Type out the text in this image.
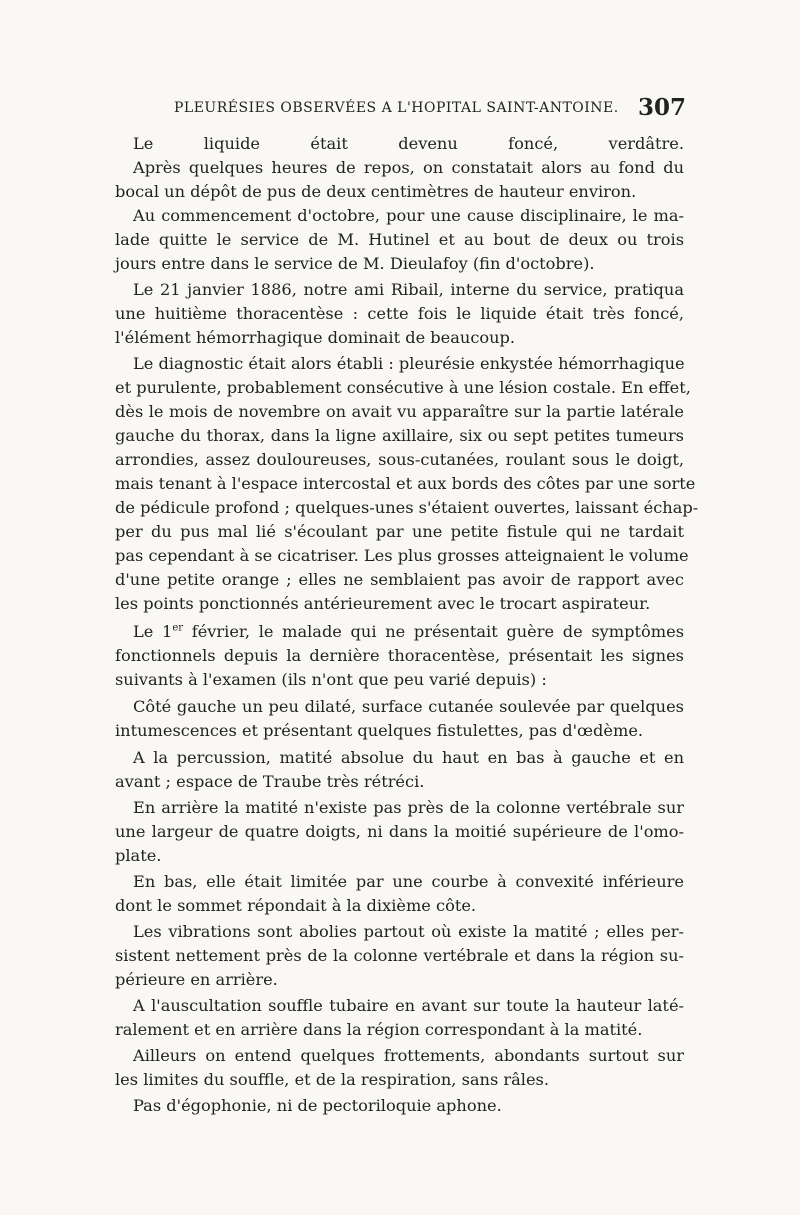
PLEURÉSIES OBSERVÉES A L'HOPITAL SAINT-ANTOINE. 307
Le liquide était devenu foncé, verdâtre.
Après quelques heures de repos, on constatait alors au fond du
bocal un dépôt de pus de deux centimètres de hauteur environ.
Au commencement d'octobre, pour une cause disciplinaire, le ma-
lade quitte le service de M. Hutinel et au bout de deux ou trois
jours entre dans le service de M. Dieulafoy (fin d'octobre).
Le 21 janvier 1886, notre ami Ribail, interne du service, pratiqua
une huitième thoracentèse : cette fois le liquide était très foncé,
l'élément hémorrhagique dominait de beaucoup.
Le diagnostic était alors établi : pleurésie enkystée hémorrhagique
et purulente, probablement consécutive à une lésion costale. En effet,
dès le mois de novembre on avait vu apparaître sur la partie latérale
gauche du thorax, dans la ligne axillaire, six ou sept petites tumeurs
arrondies, assez douloureuses, sous-cutanées, roulant sous le doigt,
mais tenant à l'espace intercostal et aux bords des côtes par une sorte
de pédicule profond ; quelques-unes s'étaient ouvertes, laissant échap-
per du pus mal lié s'écoulant par une petite fistule qui ne tardait
pas cependant à se cicatriser. Les plus grosses atteignaient le volume
d'une petite orange ; elles ne semblaient pas avoir de rapport avec
les points ponctionnés antérieurement avec le trocart aspirateur.
Le 1er février, le malade qui ne présentait guère de symptômes
fonctionnels depuis la dernière thoracentèse, présentait les signes
suivants à l'examen (ils n'ont que peu varié depuis) :
Côté gauche un peu dilaté, surface cutanée soulevée par quelques
intumescences et présentant quelques fistulettes, pas d'œdème.
A la percussion, matité absolue du haut en bas à gauche et en
avant ; espace de Traube très rétréci.
En arrière la matité n'existe pas près de la colonne vertébrale sur
une largeur de quatre doigts, ni dans la moitié supérieure de l'omo-
plate.
En bas, elle était limitée par une courbe à convexité inférieure
dont le sommet répondait à la dixième côte.
Les vibrations sont abolies partout où existe la matité ; elles per-
sistent nettement près de la colonne vertébrale et dans la région su-
périeure en arrière.
A l'auscultation souffle tubaire en avant sur toute la hauteur laté-
ralement et en arrière dans la région correspondant à la matité.
Ailleurs on entend quelques frottements, abondants surtout sur
les limites du souffle, et de la respiration, sans râles.
Pas d'égophonie, ni de pectoriloquie aphone.
